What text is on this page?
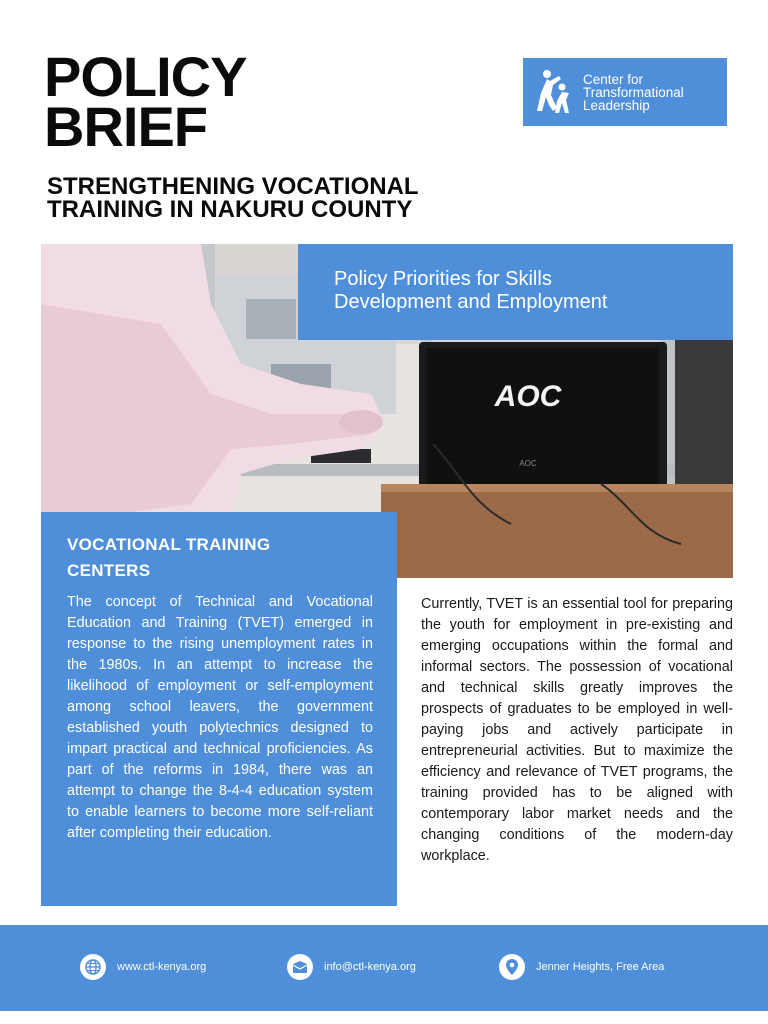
POLICY
BRIEF
STRENGTHENING VOCATIONAL
TRAINING IN NAKURU COUNTY
Center for
Transformational
Leadership
AOC
AOC
Policy Priorities for Skills
Development and Employment
VOCATIONAL TRAINING
CENTERS

The concept of Technical and Vocational Education and Training (TVET) emerged in response to the rising unemployment rates in the 1980s. In an attempt to increase the likelihood of employment or self-employment among school leavers, the government established youth polytechnics designed to impart practical and technical proficiencies. As part of the reforms in 1984, there was an attempt to change the 8-4-4 education system to enable learners to become more self-reliant after completing their education.

Currently, TVET is an essential tool for preparing the youth for employment in pre-existing and emerging occupations within the formal and informal sectors. The possession of vocational and technical skills greatly improves the prospects of graduates to be employed in well-paying jobs and actively participate in entrepreneurial activities. But to maximize the efficiency and relevance of TVET programs, the training provided has to be aligned with contemporary labor market needs and the changing conditions of the modern-day workplace.

www.ctl-kenya.org	info@ctl-kenya.org	Jenner Heights, Free Area
